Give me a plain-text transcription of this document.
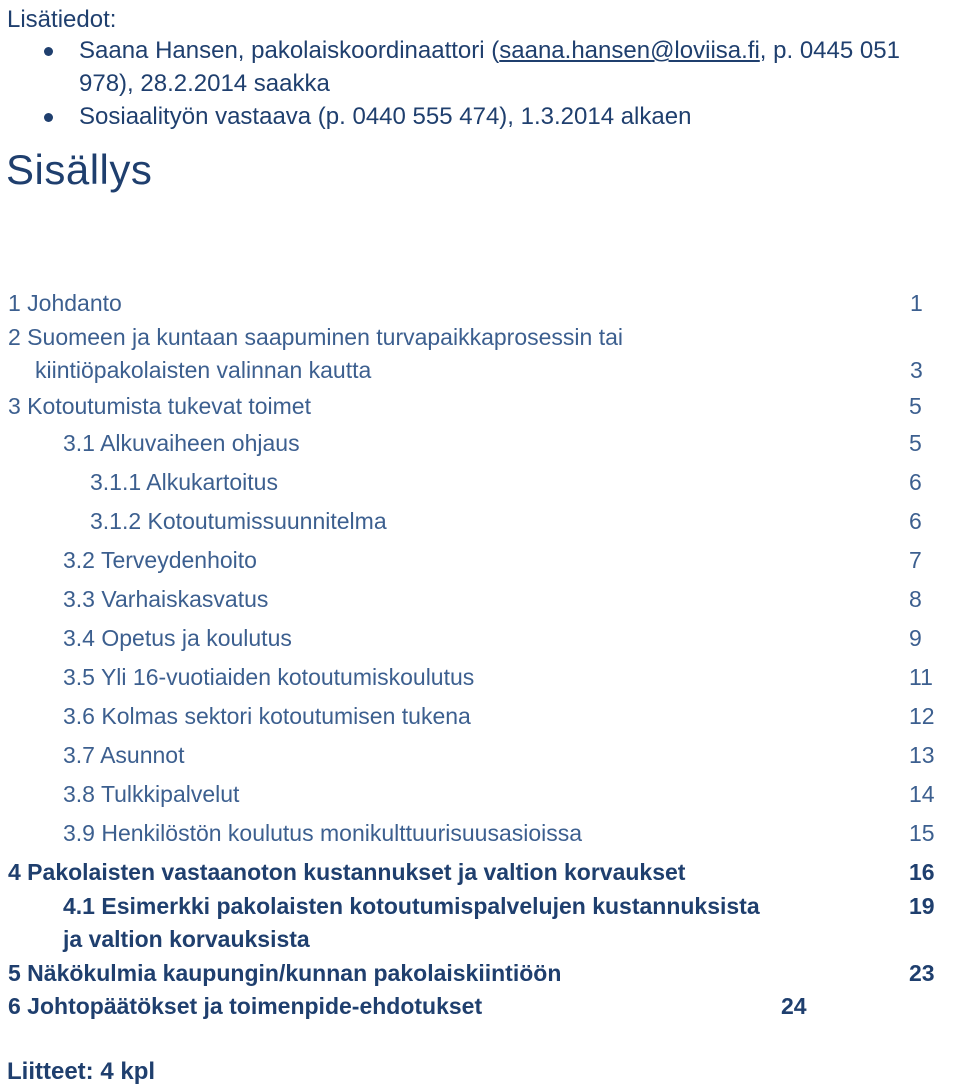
Lisätiedot:
Saana Hansen, pakolaiskoordinaattori (saana.hansen@loviisa.fi, p. 0445 051
978), 28.2.2014 saakka
Sosiaalityön vastaava (p. 0440 555 474), 1.3.2014 alkaen
Sisällys
1 Johdanto	1
2 Suomeen ja kuntaan saapuminen turvapaikkaprosessin tai
kiintiöpakolaisten valinnan kautta	3
3 Kotoutumista tukevat toimet	5
3.1 Alkuvaiheen ohjaus	5
3.1.1 Alkukartoitus	6
3.1.2 Kotoutumissuunnitelma	6
3.2 Terveydenhoito	7
3.3 Varhaiskasvatus	8
3.4 Opetus ja koulutus	9
3.5 Yli 16-vuotiaiden kotoutumiskoulutus	11
3.6 Kolmas sektori kotoutumisen tukena	12
3.7 Asunnot	13
3.8 Tulkkipalvelut	14
3.9 Henkilöstön koulutus monikulttuurisuusasioissa	15
4 Pakolaisten vastaanoton kustannukset ja valtion korvaukset	16
4.1 Esimerkki pakolaisten kotoutumispalvelujen kustannuksista	19
ja valtion korvauksista
5 Näkökulmia kaupungin/kunnan pakolaiskiintiöön	23
6 Johtopäätökset ja toimenpide-ehdotukset	24
Liitteet: 4 kpl
